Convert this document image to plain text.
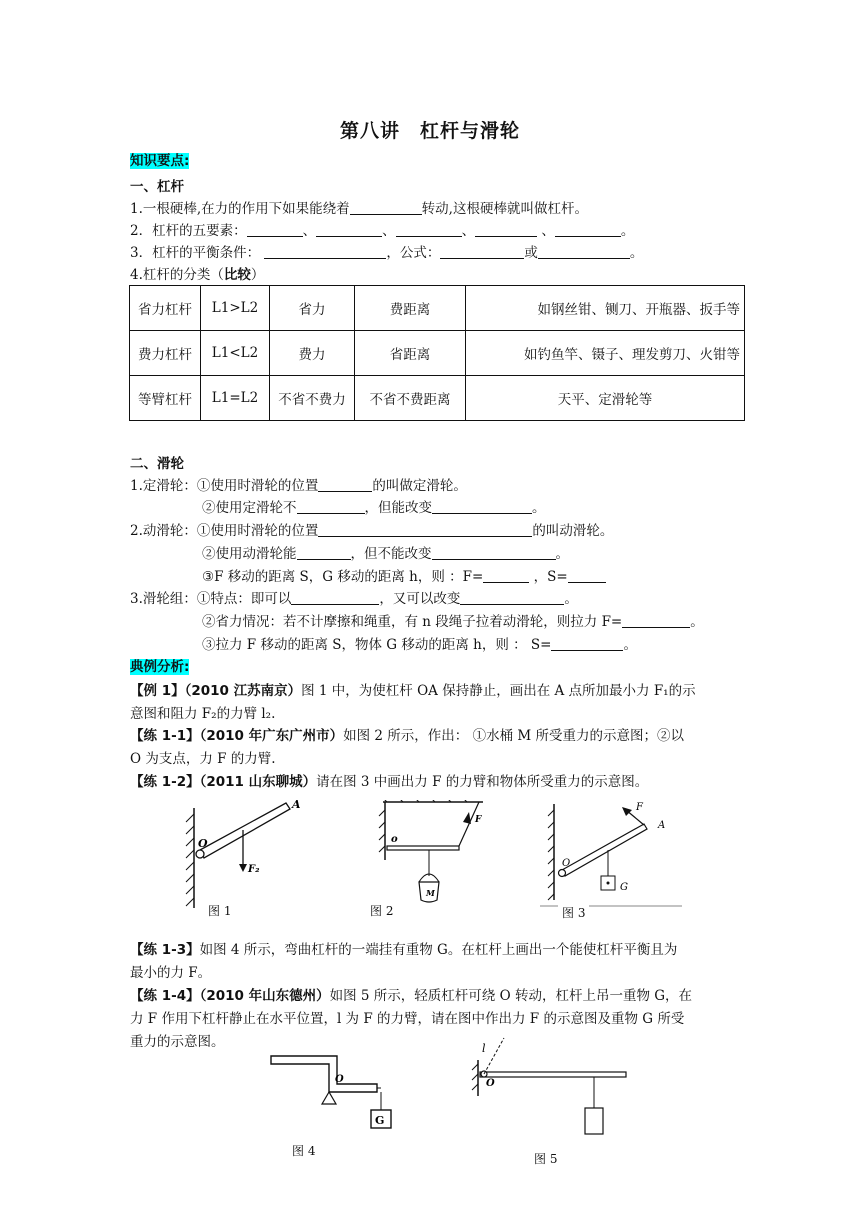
第八讲　杠杆与滑轮
知识要点:
一、杠杆
1.一根硬棒,在力的作用下如果能绕着	转动,这根硬棒就叫做杠杆。
2．杠杆的五要素：	、	、	、	、	。
3．杠杆的平衡条件：	，公式：	或	。
4.杠杆的分类（比较）
省力杠杆	L1>L2	省力	费距离	如钢丝钳、铡刀、开瓶器、扳手等
费力杠杆	L1<L2	费力	省距离	如钓鱼竿、镊子、理发剪刀、火钳等
等臂杠杆	L1=L2	不省不费力	不省不费距离	天平、定滑轮等
二、滑轮
1.定滑轮：①使用时滑轮的位置	的叫做定滑轮。
②使用定滑轮不	，但能改变	。
2.动滑轮：①使用时滑轮的位置	的叫动滑轮。
②使用动滑轮能	，但不能改变	。
③F 移动的距离 S，G 移动的距离 h，则 ：F=	，S=
3.滑轮组：①特点：即可以	，又可以改变	。
②省力情况：若不计摩擦和绳重，有 n 段绳子拉着动滑轮，则拉力 F=	。
③拉力 F 移动的距离 S，物体 G 移动的距离 h，则 ： S=	。
典例分析:
【例 1】（2010 江苏南京）图 1 中，为使杠杆 OA 保持静止，画出在 A 点所加最小力 F₁的示
意图和阻力 F₂的力臂 l₂.
【练 1-1】（2010 年广东广州市）如图 2 所示，作出： ①水桶 M 所受重力的示意图；②以
O 为支点，力 F 的力臂.
【练 1-2】（2011 山东聊城）请在图 3 中画出力 F 的力臂和物体所受重力的示意图。
O
A
F₂
图 1
o
F
M
图 2
O
F
A
G
图 3
【练 1-3】如图 4 所示，弯曲杠杆的一端挂有重物 G。在杠杆上画出一个能使杠杆平衡且为
最小的力 F。
【练 1-4】（2010 年山东德州）如图 5 所示，轻质杠杆可绕 O 转动，杠杆上吊一重物 G，在
力 F 作用下杠杆静止在水平位置，l 为 F 的力臂，请在图中作出力 F 的示意图及重物 G 所受
重力的示意图。
O
G
图 4
O
l
图 5
